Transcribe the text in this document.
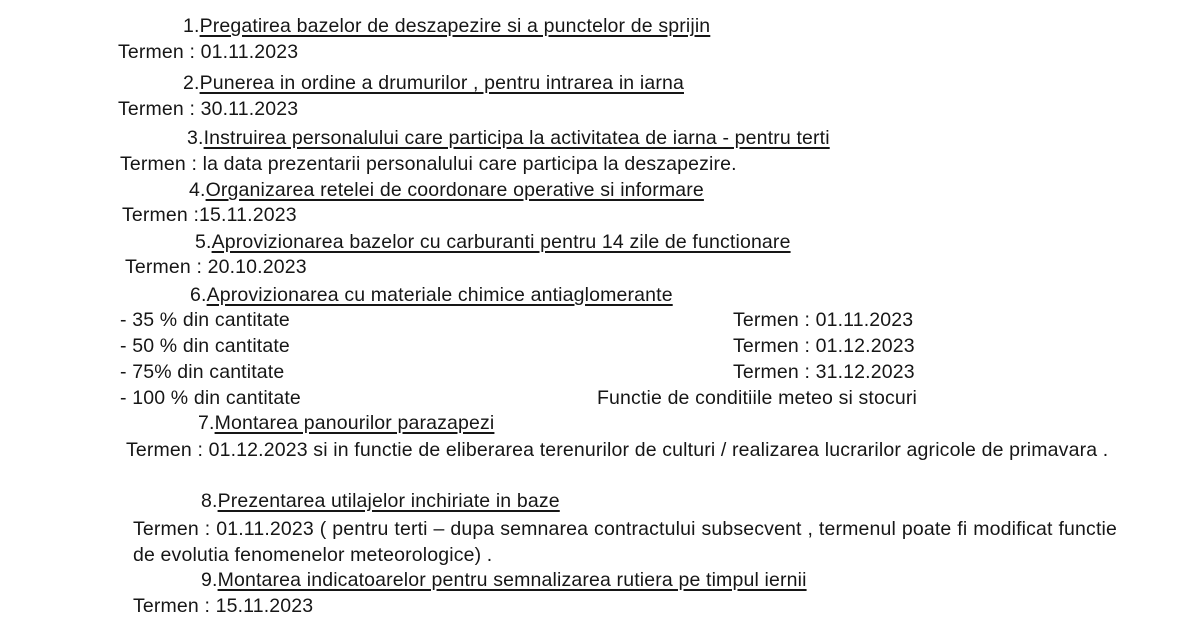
1.Pregatirea bazelor de deszapezire si a punctelor de sprijin
Termen : 01.11.2023
2.Punerea in ordine a drumurilor , pentru intrarea in iarna
Termen : 30.11.2023
3.Instruirea personalului care participa la activitatea de iarna - pentru terti
Termen : la data prezentarii personalului care participa la deszapezire.
4.Organizarea retelei de coordonare operative si informare
Termen :15.11.2023
5.Aprovizionarea bazelor cu carburanti pentru 14 zile de functionare
Termen : 20.10.2023
6.Aprovizionarea cu materiale chimice antiaglomerante
- 35 % din cantitate	Termen : 01.11.2023
- 50 % din cantitate	Termen : 01.12.2023
- 75% din cantitate	Termen : 31.12.2023
- 100 % din cantitate	Functie de conditiile meteo si stocuri
7.Montarea panourilor parazapezi
Termen : 01.12.2023 si in functie de eliberarea terenurilor de culturi / realizarea lucrarilor agricole de primavara .
8.Prezentarea utilajelor inchiriate in baze
Termen : 01.11.2023 ( pentru terti – dupa semnarea contractului subsecvent , termenul poate fi modificat functie de evolutia fenomenelor meteorologice) .
9.Montarea indicatoarelor pentru semnalizarea rutiera pe timpul iernii
Termen : 15.11.2023
